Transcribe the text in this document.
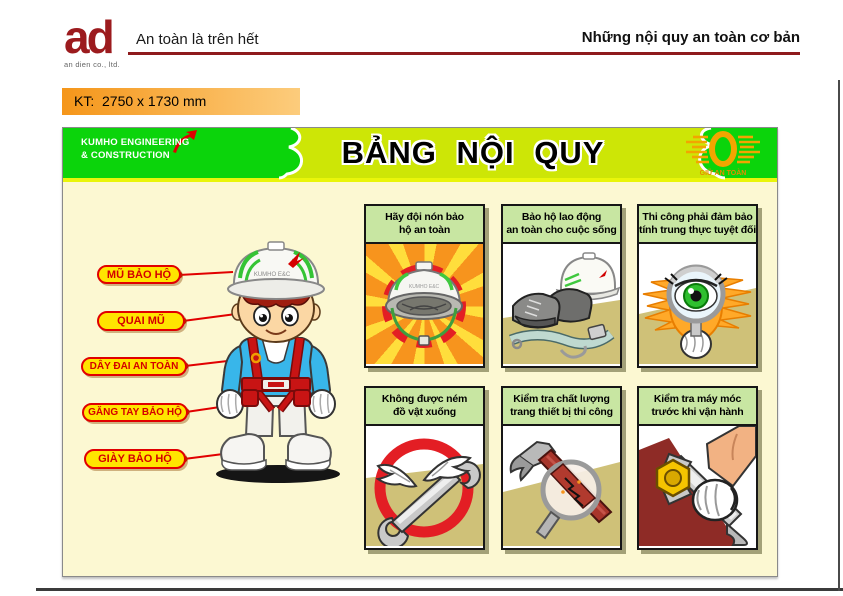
ad
an dien co., ltd.
An toàn là trên hết	Những nội quy an toàn cơ bản
KT:  2750 x 1730 mm
GIỮ AN TOÀN
KUMHO ENGINEERING
& CONSTRUCTION	BẢNG NỘI QUY
MŨ BẢO HỘ
QUAI MŨ
DÂY ĐAI AN TOÀN
GĂNG TAY BẢO HỘ
GIÀY BẢO HỘ
KUMHO E&C
Hãy đội nón bảo
hộ an toàn
KUMHO E&C
Bảo hộ lao động
an toàn cho cuộc sống
Thi công phải đảm bảo
tính trung thực tuyệt đối
Không được ném
đồ vật xuống
Kiểm tra chất lượng
trang thiết bị thi công
Kiểm tra máy móc
trước khi vận hành
